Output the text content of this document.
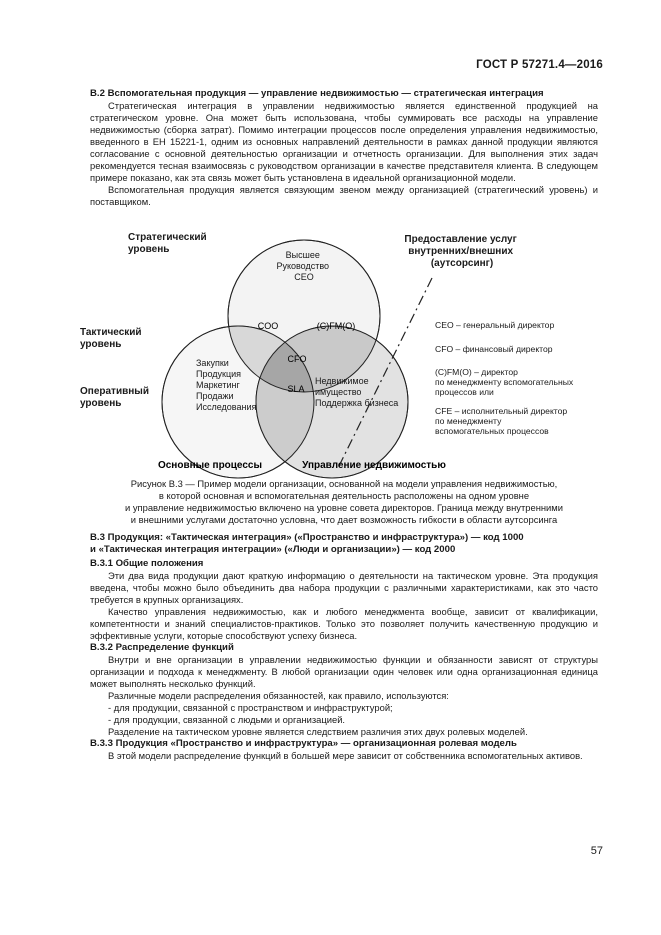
ГОСТ Р 57271.4—2016

B.2 Вспомогательная продукция — управление недвижимостью — стратегическая интеграция

Стратегическая интеграция в управлении недвижимостью является единственной продукцией на стратегическом уровне. Она может быть использована, чтобы суммировать все расходы на управление недвижимостью (сборка затрат). Помимо интеграции процессов после определения управления недвижимостью, введенного в ЕН 15221-1, одним из основных направлений деятельности в рамках данной продукции являются согласование с основной деятельностью организации и отчетность организации. Для выполнения этих задач рекомендуется тесная взаимосвязь с руководством организации в качестве представителя клиента. В следующем примере показано, как эта связь может быть установлена в идеальной организационной модели.

Вспомогательная продукция является связующим звеном между организацией (стратегический уровень) и поставщиком.

Стратегический уровень
Тактический уровень
Оперативный уровень
Высшее Руководство CEO
COO	(C)FM(O)
CFO
SLA
Закупки Продукция Маркетинг Продажи Исследования
Недвижимое имущество Поддержка бизнеса
Предоставление услуг внутренних/внешних (аутсорсинг)
Основные процессы	Управление недвижимостью
CEO – генеральный директор
CFO – финансовый директор
(C)FM(O) – директор по менеджменту вспомогательных процессов или
CFE – исполнительный директор по менеджменту вспомогательных процессов

Рисунок B.3 — Пример модели организации, основанной на модели управления недвижимостью,

в которой основная и вспомогательная деятельность расположены на одном уровне

и управление недвижимостью включено на уровне совета директоров. Граница между внутренними

и внешними услугами достаточно условна, что дает возможность гибкости в области аутсорсинга

B.3 Продукция: «Тактическая интеграция» («Пространство и инфраструктура») — код 1000

и «Тактическая интеграция интеграции» («Люди и организации») — код 2000

B.3.1 Общие положения

Эти два вида продукции дают краткую информацию о деятельности на тактическом уровне. Эта продукция введена, чтобы можно было объединить два набора продукции с различными характеристиками, как это часто требуется в крупных организациях.

Качество управления недвижимостью, как и любого менеджмента вообще, зависит от квалификации, компетентности и знаний специалистов-практиков. Только это позволяет получить качественную продукцию и эффективные услуги, которые способствуют успеху бизнеса.

B.3.2 Распределение функций

Внутри и вне организации в управлении недвижимостью функции и обязанности зависят от структуры организации и подхода к менеджменту. В любой организации один человек или одна организационная единица может выполнять несколько функций.

Различные модели распределения обязанностей, как правило, используются:

- для продукции, связанной с пространством и инфраструктурой;

- для продукции, связанной с людьми и организацией.

Разделение на тактическом уровне является следствием различия этих двух ролевых моделей.

B.3.3 Продукция «Пространство и инфраструктура» — организационная ролевая модель

В этой модели распределение функций в большей мере зависит от собственника вспомогательных активов.

57
